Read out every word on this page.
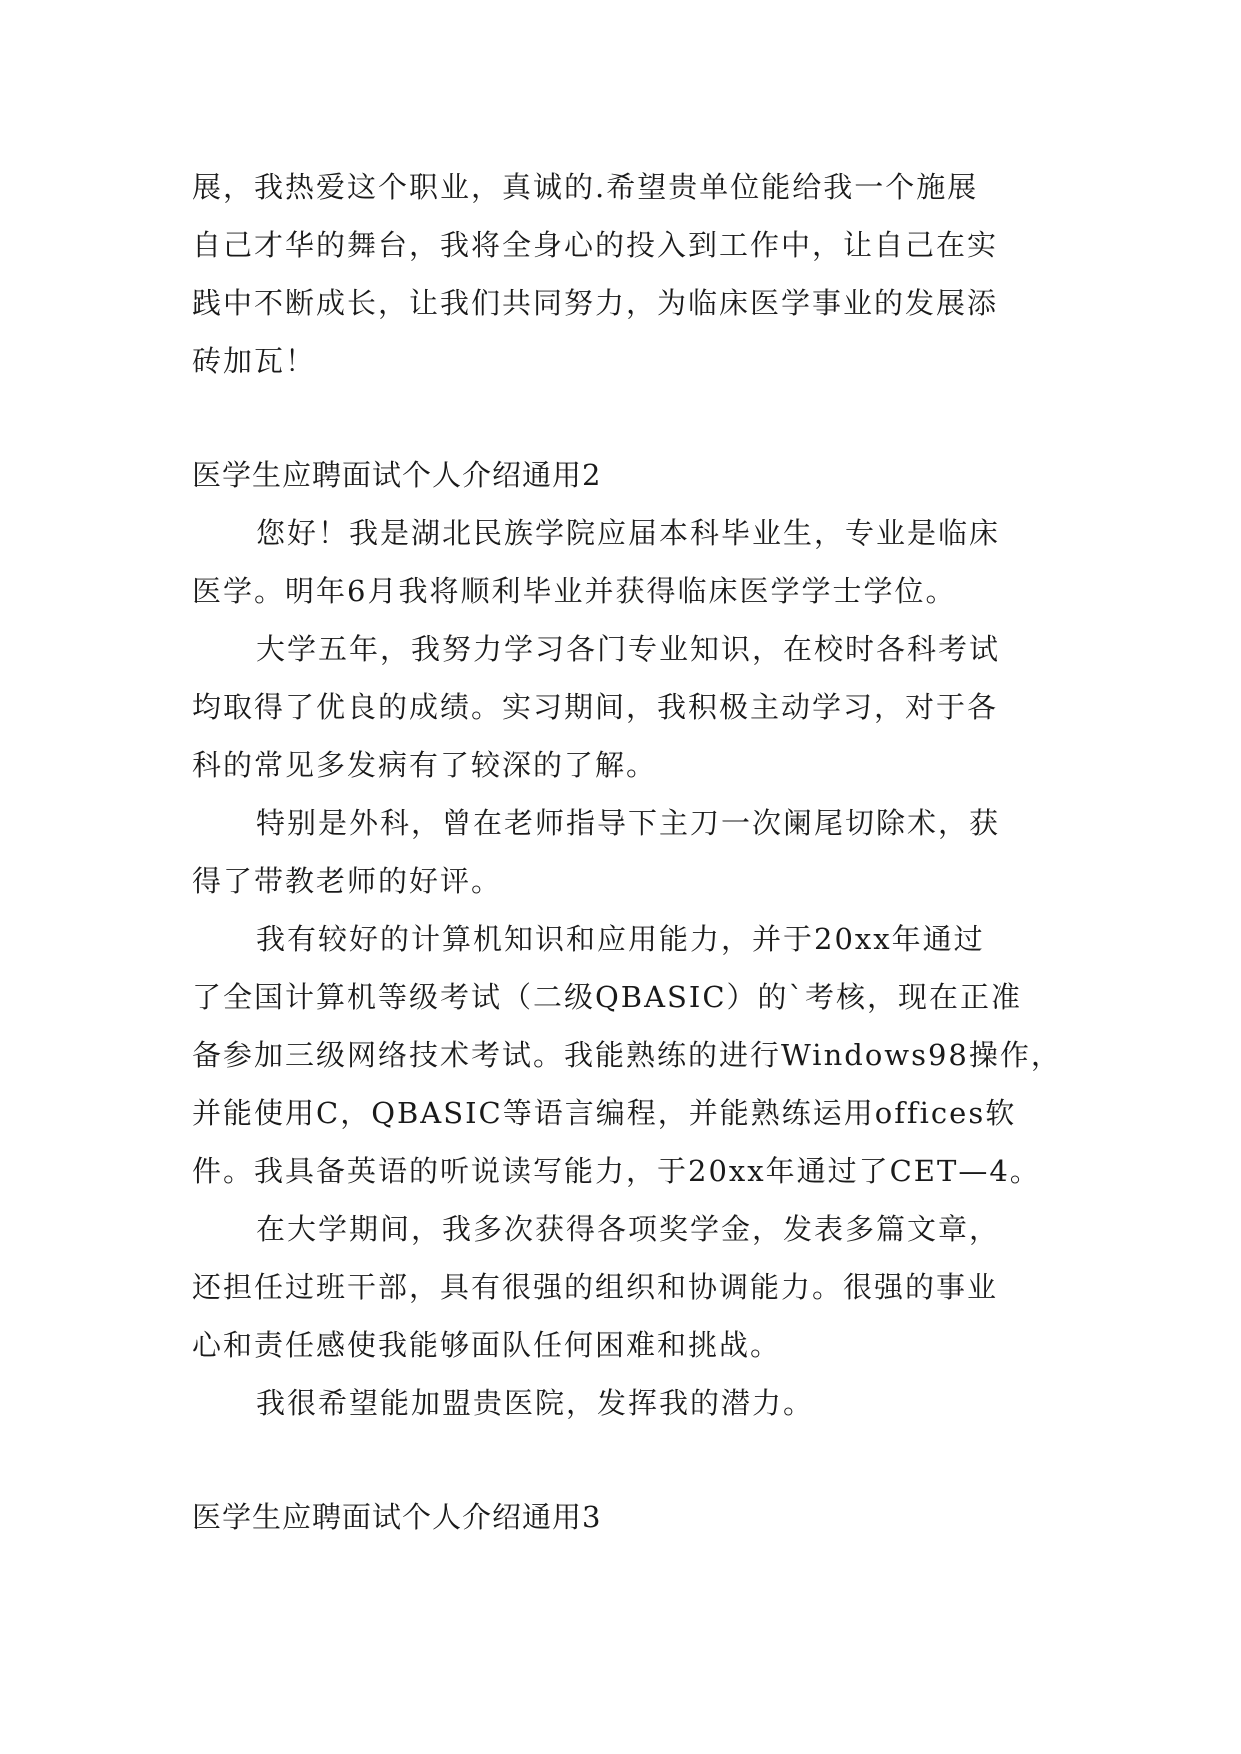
展，我热爱这个职业，真诚的.希望贵单位能给我一个施展
自己才华的舞台，我将全身心的投入到工作中，让自己在实
践中不断成长，让我们共同努力，为临床医学事业的发展添
砖加瓦！
医学生应聘面试个人介绍通用2
您好！我是湖北民族学院应届本科毕业生，专业是临床
医学。明年6月我将顺利毕业并获得临床医学学士学位。
大学五年，我努力学习各门专业知识，在校时各科考试
均取得了优良的成绩。实习期间，我积极主动学习，对于各
科的常见多发病有了较深的了解。
特别是外科，曾在老师指导下主刀一次阑尾切除术，获
得了带教老师的好评。
我有较好的计算机知识和应用能力，并于20xx年通过
了全国计算机等级考试（二级QBASIC）的`考核，现在正准
备参加三级网络技术考试。我能熟练的进行Windows98操作，
并能使用C，QBASIC等语言编程，并能熟练运用offices软
件。我具备英语的听说读写能力，于20xx年通过了CET—4。
在大学期间，我多次获得各项奖学金，发表多篇文章，
还担任过班干部，具有很强的组织和协调能力。很强的事业
心和责任感使我能够面队任何困难和挑战。
我很希望能加盟贵医院，发挥我的潜力。
医学生应聘面试个人介绍通用3
